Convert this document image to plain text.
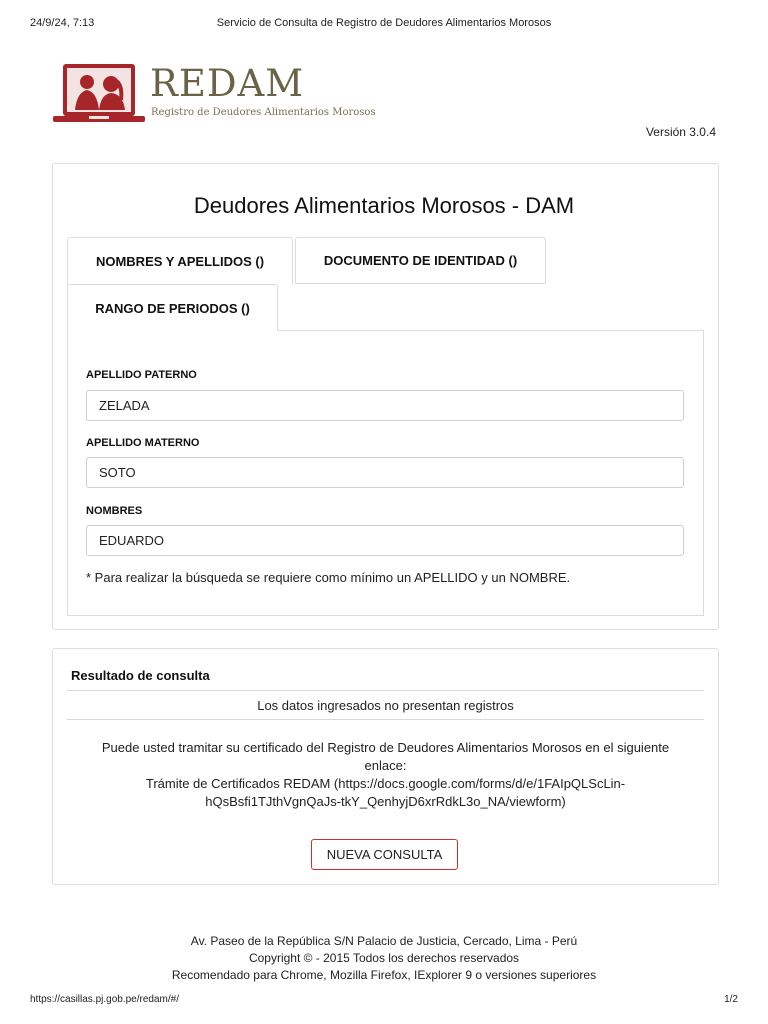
24/9/24, 7:13	Servicio de Consulta de Registro de Deudores Alimentarios Morosos
REDAM
Registro de Deudores Alimentarios Morosos
Versión 3.0.4
Deudores Alimentarios Morosos - DAM
NOMBRES Y APELLIDOS ()	DOCUMENTO DE IDENTIDAD ()
RANGO DE PERIODOS ()
APELLIDO PATERNO
ZELADA
APELLIDO MATERNO
SOTO
NOMBRES
EDUARDO
* Para realizar la búsqueda se requiere como mínimo un APELLIDO y un NOMBRE.
Resultado de consulta
Los datos ingresados no presentan registros
Puede usted tramitar su certificado del Registro de Deudores Alimentarios Morosos en el siguiente
enlace:
Trámite de Certificados REDAM (https://docs.google.com/forms/d/e/1FAIpQLScLin-
hQsBsfi1TJthVgnQaJs-tkY_QenhyjD6xrRdkL3o_NA/viewform)
NUEVA CONSULTA
Av. Paseo de la República S/N Palacio de Justicia, Cercado, Lima - Perú
Copyright © - 2015 Todos los derechos reservados
Recomendado para Chrome, Mozilla Firefox, IExplorer 9 o versiones superiores
https://casillas.pj.gob.pe/redam/#/	1/2
